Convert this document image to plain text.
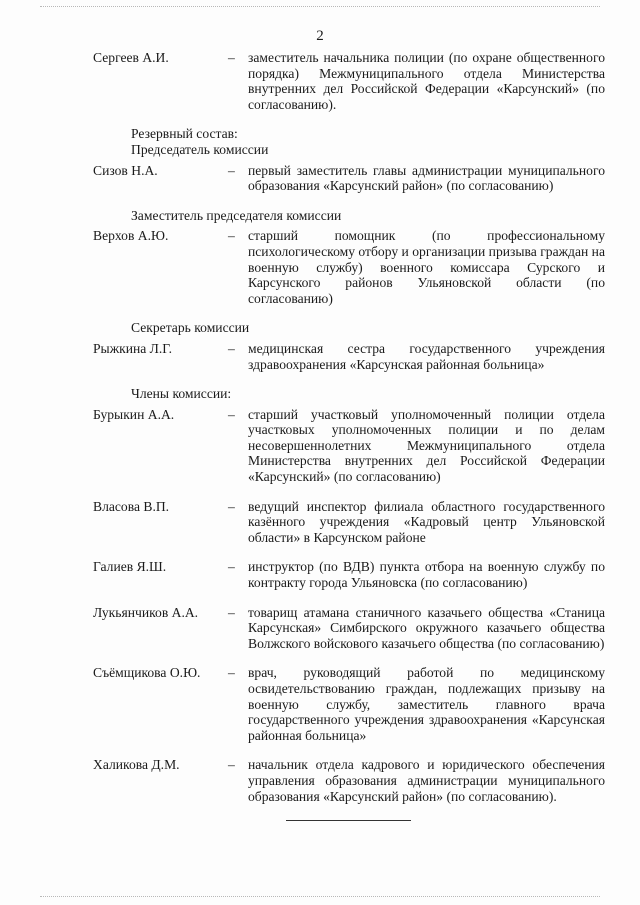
2
Сергеев А.И.	– заместитель начальника полиции (по охране общественного порядка) Межмуниципального отдела Министерства внутренних дел Российской Федерации «Карсунский» (по согласованию).
Резервный состав:
Председатель комиссии
Сизов Н.А.	– первый заместитель главы администрации муниципального образования «Карсунский район» (по согласованию)
Заместитель председателя комиссии
Верхов А.Ю.	– старший помощник (по профессиональному психологическому отбору и организации призыва граждан на военную службу) военного комиссара Сурского и Карсунского районов Ульяновской области (по согласованию)
Секретарь комиссии
Рыжкина Л.Г.	– медицинская сестра государственного учреждения здравоохранения «Карсунская районная больница»
Члены комиссии:
Бурыкин А.А.	– старший участковый уполномоченный полиции отдела участковых уполномоченных полиции и по делам несовершеннолетних Межмуниципального отдела Министерства внутренних дел Российской Федерации «Карсунский» (по согласованию)
Власова В.П.	– ведущий инспектор филиала областного государственного казённого учреждения «Кадровый центр Ульяновской области» в Карсунском районе
Галиев Я.Ш.	– инструктор (по ВДВ) пункта отбора на военную службу по контракту города Ульяновска (по согласованию)
Лукьянчиков А.А.	– товарищ атамана станичного казачьего общества «Станица Карсунская» Симбирского окружного казачьего общества Волжского войскового казачьего общества (по согласованию)
Съёмщикова О.Ю.	– врач, руководящий работой по медицинскому освидетельствованию граждан, подлежащих призыву на военную службу, заместитель главного врача государственного учреждения здравоохранения «Карсунская районная больница»
Халикова Д.М.	– начальник отдела кадрового и юридического обеспечения управления образования администрации муниципального образования «Карсунский район» (по согласованию).
